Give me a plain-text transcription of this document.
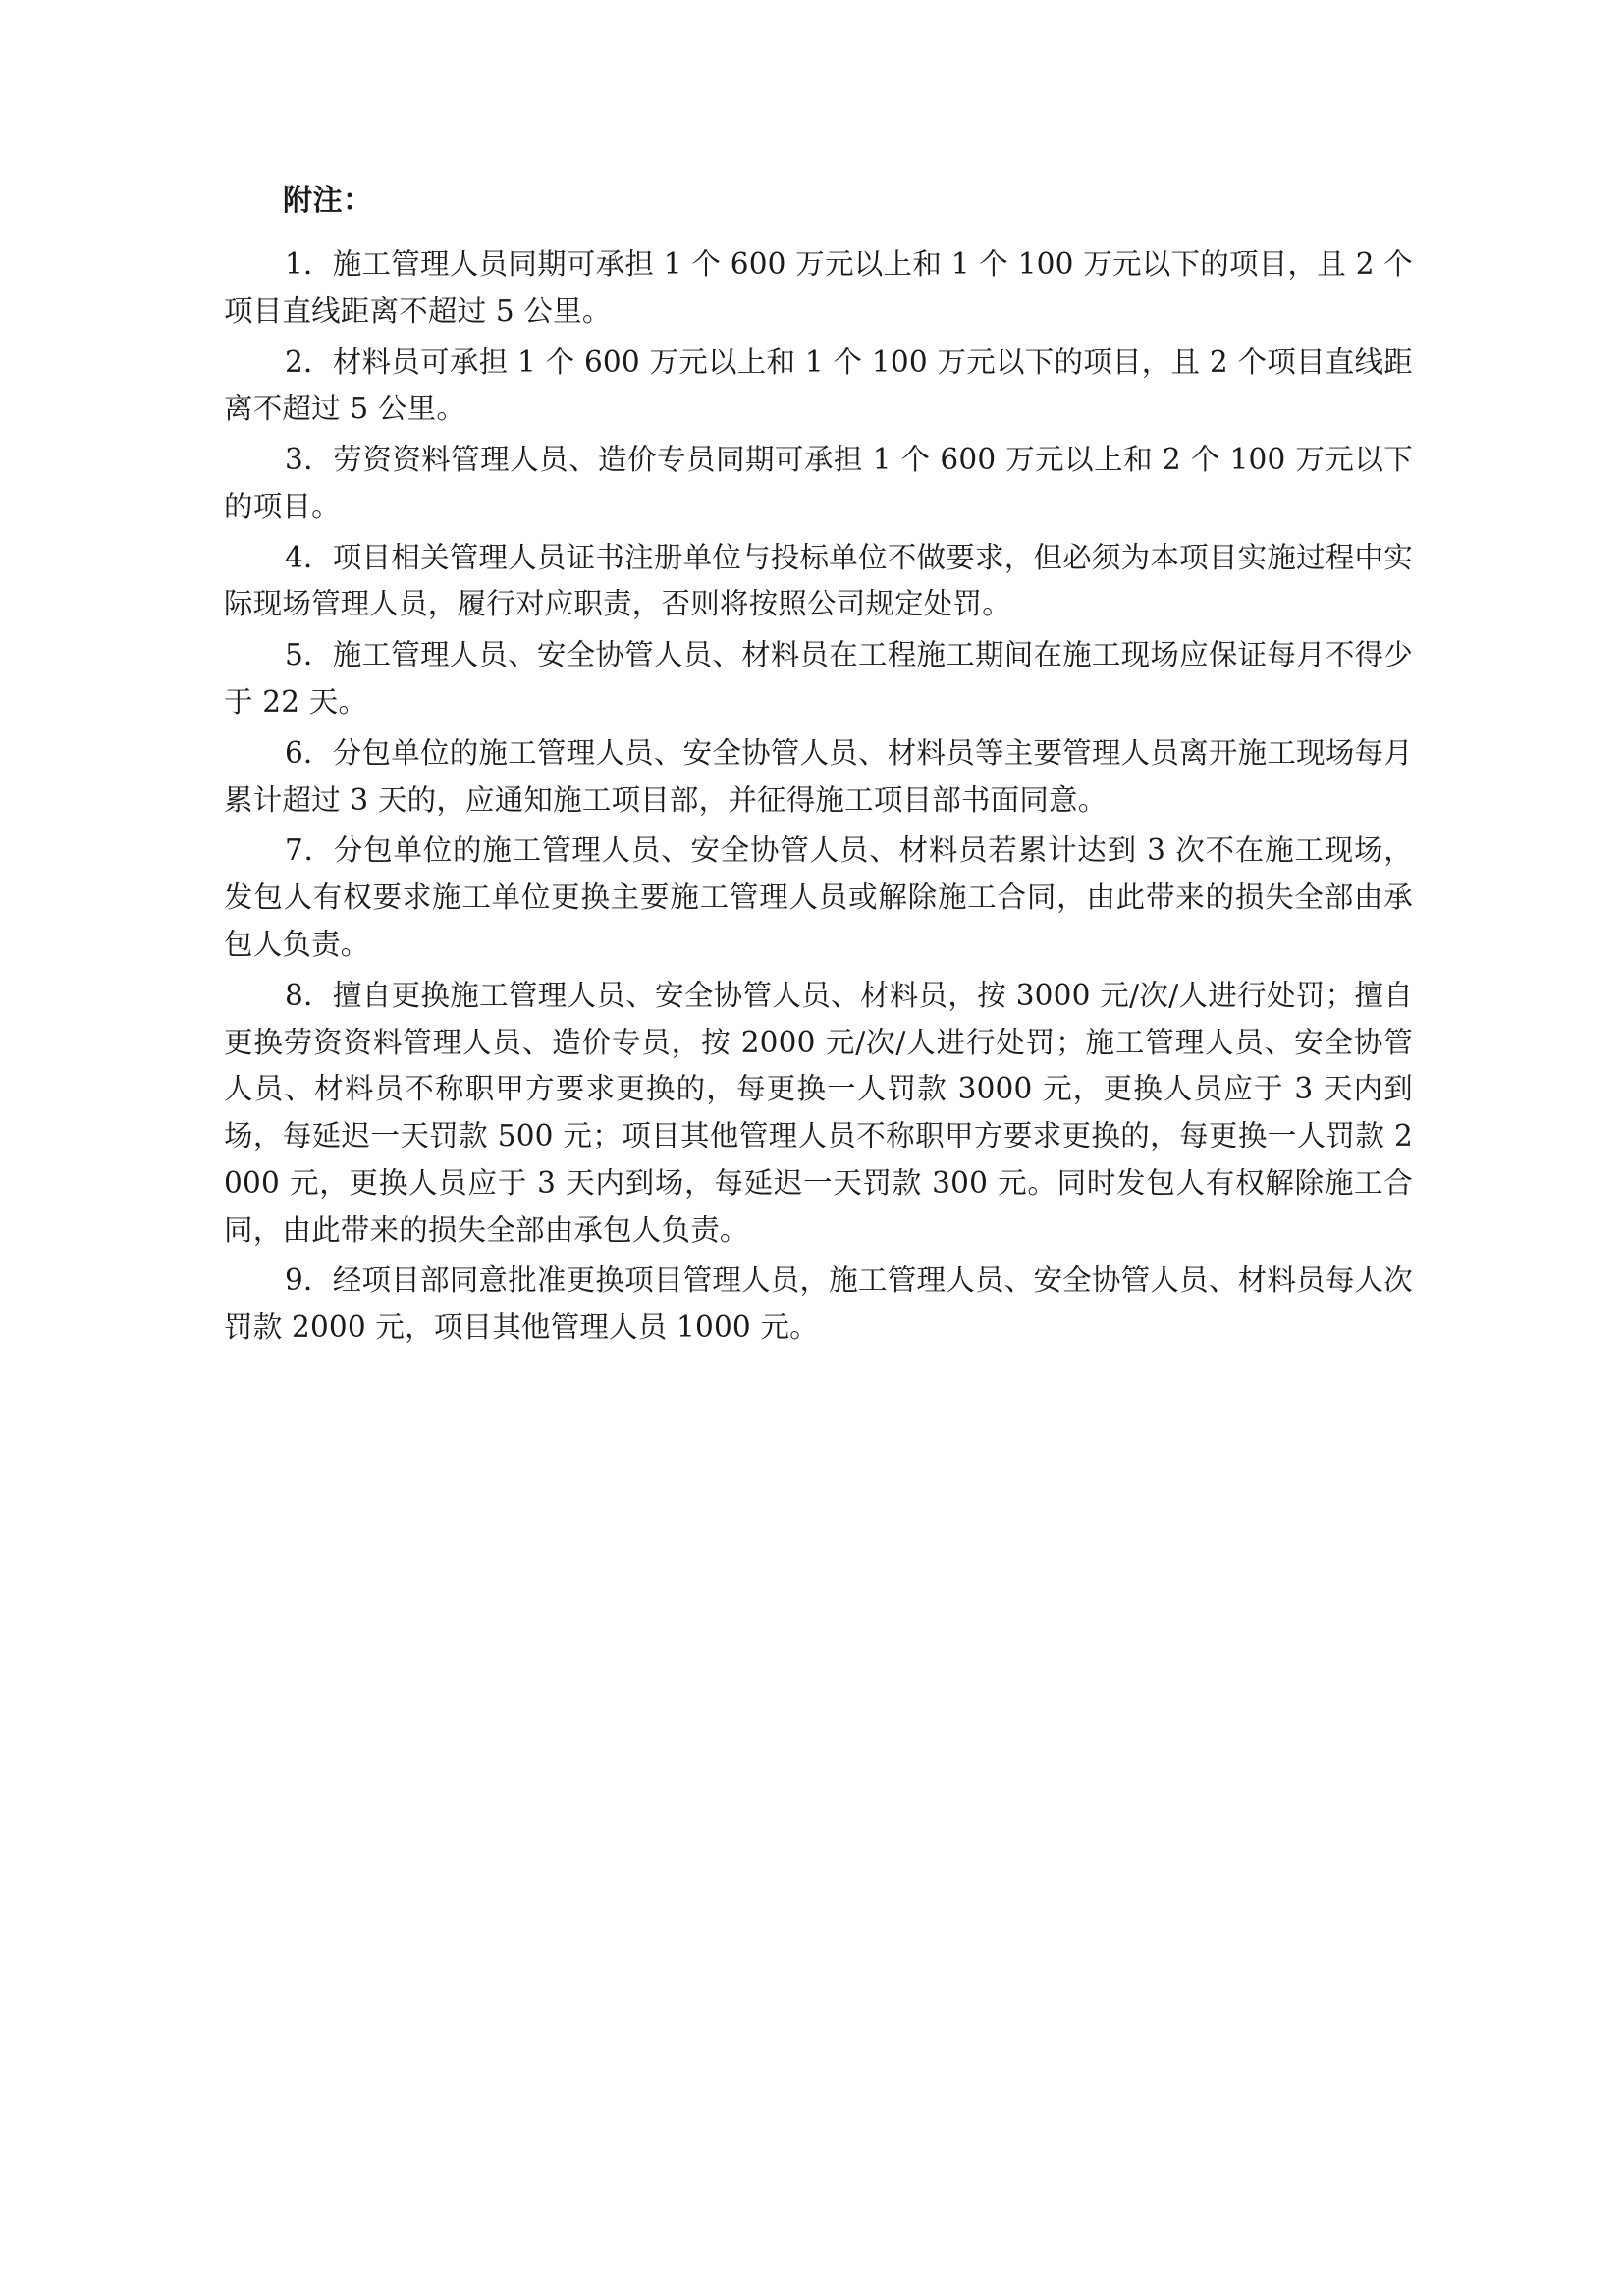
附注：
1．施工管理人员同期可承担 1 个 600 万元以上和 1 个 100 万元以下的项目，且 2 个项目直线距离不超过 5 公里。
2．材料员可承担 1 个 600 万元以上和 1 个 100 万元以下的项目，且 2 个项目直线距离不超过 5 公里。
3．劳资资料管理人员、造价专员同期可承担 1 个 600 万元以上和 2 个 100 万元以下的项目。
4．项目相关管理人员证书注册单位与投标单位不做要求，但必须为本项目实施过程中实际现场管理人员，履行对应职责，否则将按照公司规定处罚。
5．施工管理人员、安全协管人员、材料员在工程施工期间在施工现场应保证每月不得少于 22 天。
6．分包单位的施工管理人员、安全协管人员、材料员等主要管理人员离开施工现场每月累计超过 3 天的，应通知施工项目部，并征得施工项目部书面同意。
7．分包单位的施工管理人员、安全协管人员、材料员若累计达到 3 次不在施工现场，发包人有权要求施工单位更换主要施工管理人员或解除施工合同，由此带来的损失全部由承包人负责。
8．擅自更换施工管理人员、安全协管人员、材料员，按 3000 元/次/人进行处罚；擅自更换劳资资料管理人员、造价专员，按 2000 元/次/人进行处罚；施工管理人员、安全协管人员、材料员不称职甲方要求更换的，每更换一人罚款 3000 元，更换人员应于 3 天内到场，每延迟一天罚款 500 元；项目其他管理人员不称职甲方要求更换的，每更换一人罚款 2000 元，更换人员应于 3 天内到场，每延迟一天罚款 300 元。同时发包人有权解除施工合同，由此带来的损失全部由承包人负责。
9．经项目部同意批准更换项目管理人员，施工管理人员、安全协管人员、材料员每人次罚款 2000 元，项目其他管理人员 1000 元。
